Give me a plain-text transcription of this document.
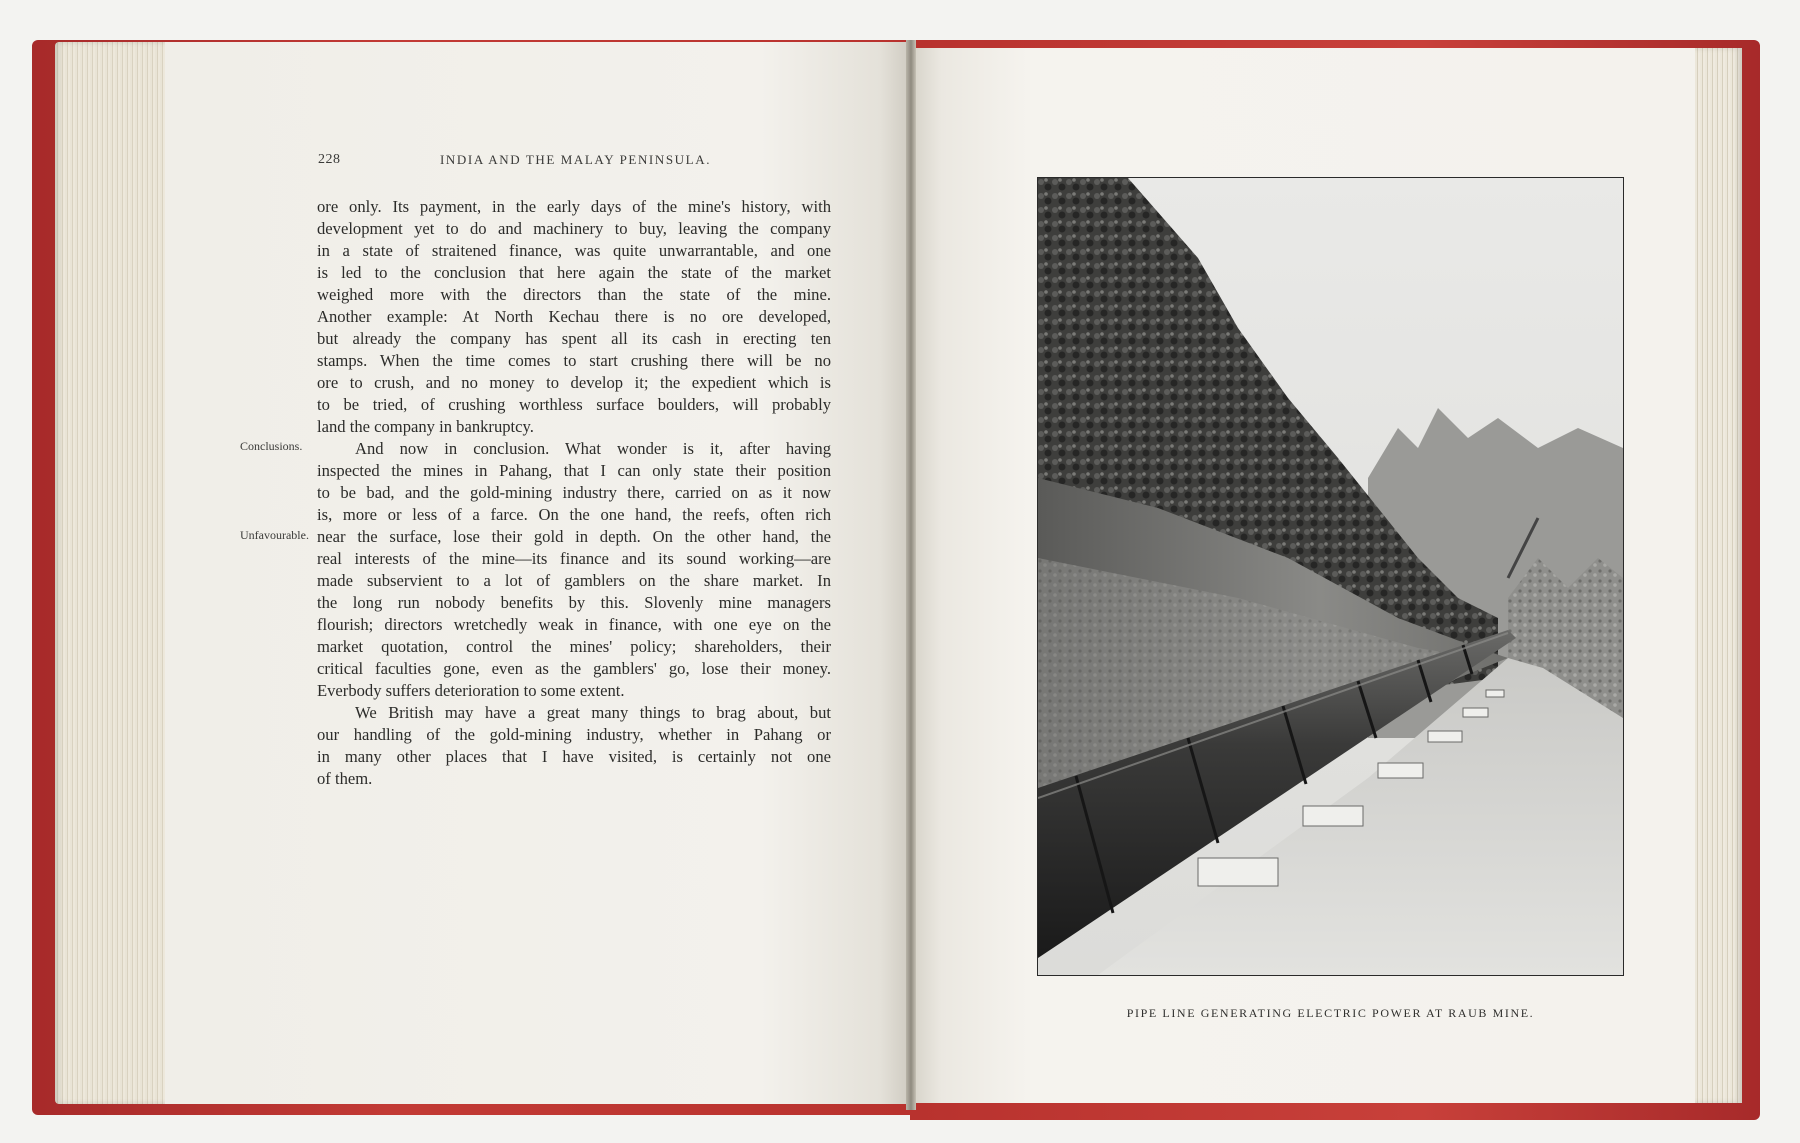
228	INDIA AND THE MALAY PENINSULA.
Conclusions.
Unfavourable.

ore only. Its payment, in the early days of the mine's history, with
development yet to do and machinery to buy, leaving the company
in a state of straitened finance, was quite unwarrantable, and one
is led to the conclusion that here again the state of the market
weighed more with the directors than the state of the mine.
Another example: At North Kechau there is no ore developed,
but already the company has spent all its cash in erecting ten
stamps. When the time comes to start crushing there will be no
ore to crush, and no money to develop it; the expedient which is
to be tried, of crushing worthless surface boulders, will probably
land the company in bankruptcy.

And now in conclusion. What wonder is it, after having
inspected the mines in Pahang, that I can only state their position
to be bad, and the gold-mining industry there, carried on as it now
is, more or less of a farce. On the one hand, the reefs, often rich
near the surface, lose their gold in depth. On the other hand, the
real interests of the mine—its finance and its sound working—are
made subservient to a lot of gamblers on the share market. In
the long run nobody benefits by this. Slovenly mine managers
flourish; directors wretchedly weak in finance, with one eye on the
market quotation, control the mines' policy; shareholders, their
critical faculties gone, even as the gamblers' go, lose their money.
Everbody suffers deterioration to some extent.

We British may have a great many things to brag about, but
our handling of the gold-mining industry, whether in Pahang or
in many other places that I have visited, is certainly not one
of them.

PIPE LINE GENERATING ELECTRIC POWER AT RAUB MINE.
